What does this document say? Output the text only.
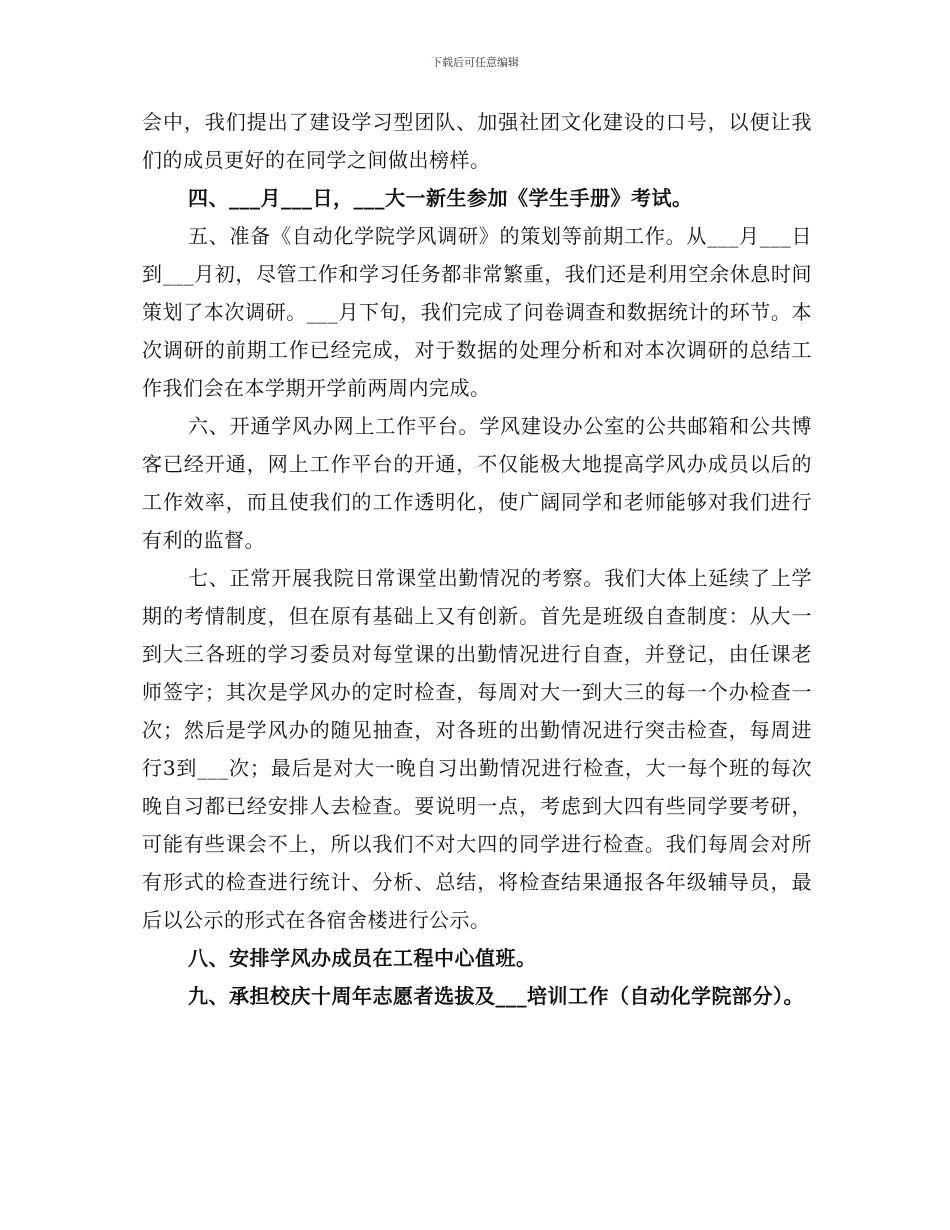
下载后可任意编辑

会中，我们提出了建设学习型团队、加强社团文化建设的口号，以便让我们的成员更好的在同学之间做出榜样。

四、___月___日，___大一新生参加《学生手册》考试。

五、准备《自动化学院学风调研》的策划等前期工作。从___月___日到___月初，尽管工作和学习任务都非常繁重，我们还是利用空余休息时间策划了本次调研。___月下旬，我们完成了问卷调查和数据统计的环节。本次调研的前期工作已经完成，对于数据的处理分析和对本次调研的总结工作我们会在本学期开学前两周内完成。

六、开通学风办网上工作平台。学风建设办公室的公共邮箱和公共博客已经开通，网上工作平台的开通，不仅能极大地提高学风办成员以后的工作效率，而且使我们的工作透明化，使广阔同学和老师能够对我们进行有利的监督。

七、正常开展我院日常课堂出勤情况的考察。我们大体上延续了上学期的考情制度，但在原有基础上又有创新。首先是班级自查制度：从大一到大三各班的学习委员对每堂课的出勤情况进行自查，并登记，由任课老师签字；其次是学风办的定时检查，每周对大一到大三的每一个办检查一次；然后是学风办的随见抽查，对各班的出勤情况进行突击检查，每周进行3到___次；最后是对大一晚自习出勤情况进行检查，大一每个班的每次晚自习都已经安排人去检查。要说明一点，考虑到大四有些同学要考研，可能有些课会不上，所以我们不对大四的同学进行检查。我们每周会对所有形式的检查进行统计、分析、总结，将检查结果通报各年级辅导员，最后以公示的形式在各宿舍楼进行公示。

八、安排学风办成员在工程中心值班。

九、承担校庆十周年志愿者选拔及___培训工作（自动化学院部分）。
